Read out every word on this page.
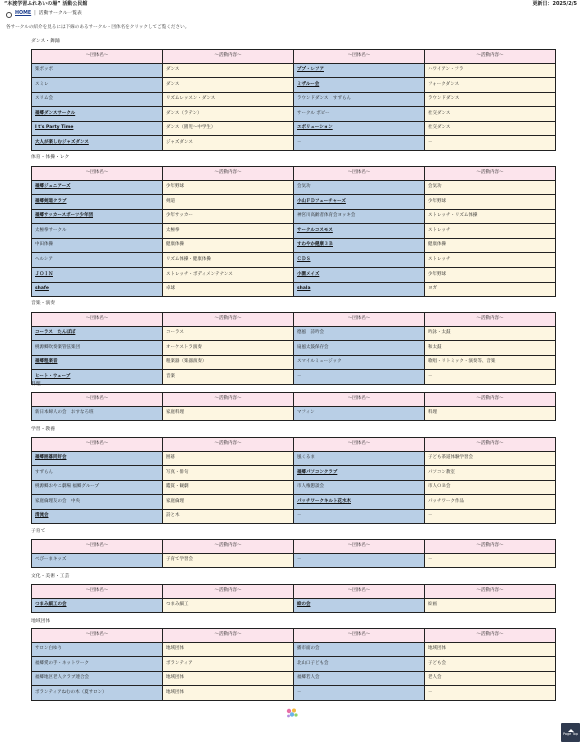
“本渡学習ふれあいの場” 活動公民館	更新日：2025/2/5
HOME | 活動サークル一覧表
各サークルの紹介を見るには下線のあるサークル・団体名をクリックしてご覧ください。
ダンス・舞踊
～団体名～	～活動内容～	～団体名～	～活動内容～
楽ポッポ	ダンス	ププ・レフア	ハワイアン・フラ
スミレ	ダンス	ミザルー会	フォークダンス
スリム会	リズムレッスン・ダンス	ラウンドダンス　すずらん	ラウンドダンス
福郷ダンスサークル	ダンス（ラテン）	サークル ポピー	社交ダンス
I t's Party Time	ダンス（園児～中学生）	エボリューション	社交ダンス
大人が楽しむジャズダンス	ジャズダンス	－	－
体育・体操・レク
～団体名～	～活動内容～	～団体名～	～活動内容～
福郷ジュニアーズ	少年野球	会気功	会気功
福郷剣道クラブ	剣道	小山ＦＤフューチャーズ	少年野球
福郷サッカースポーツ少年団	少年サッカー	神宮川高齢者体育会ヨッキ会	ストレッチ・リズム体操
太極拳サークル	太極拳	サークルコスモス	ストレッチ
中田体操	健康体操	すわやか健康３Ｂ	健康体操
ヘルシア	リズム体操・健康体操	ＣＤＳ	ストレッチ
ＪＯＩＮ	ストレッチ・ボディメンテナンス	小園メイズ	少年野球
shafe	卓球	shala	ヨガ
音楽・演奏
～団体名～	～活動内容～	～団体名～	～活動内容～
コーラス　たんぽぽ	コーラス	德風　詩吟会	吟詠・太鼓
桃源郷吹奏楽管弦楽団	オーケストラ演奏	扇風太鼓保存会	和太鼓
福郷粗楽音	粗楽器（楽器演奏）	スマイルミュージック	歌唱・リトミック・演奏等、音楽
ヒート・ウェーブ	音楽	－	－
料理
～団体名～	～活動内容～	～団体名～	～活動内容～
新日本婦人の会　おすなろ班	家庭料理	マフィン	料理
学習・教養
～団体名～	～活動内容～	～団体名～	～活動内容～
福郷囲碁同好会	囲碁	風くるま	子ども茶道体験学習会
すずらん	写真・俳句	福郷パソコンクラブ	パソコン教室
桃源郷おやこ劇場 福郷グループ	鑑賞・観劇	市人権懇談会	市人ＯＢ会
家庭倫理友の会　中央	家庭倫理	パッチワークキルト花水木	パッチワーク作品
清流会	詩と木	－	－
子育て
～団体名～	～活動内容～	～団体名～	～活動内容～
ぺぴーまキッズ	子育て学習会	－	－
文化・美術・工芸
～団体名～	～活動内容～	～団体名～	～活動内容～
つまみ細工の会	つまみ細工	絵の会	絵画
地域団体
～団体名～	～活動内容～	～団体名～	～活動内容～
サロン白ゆり	地域団体	播市面の会	地域団体
福郷愛の手・ネットワーク	ボランティア	北山口子ども会	子ども会
福郷地区老人クラブ連合会	地域団体	福郷若人会	老人会
ボランティアねむの木（夏サロン）	地域団体	－	－
Page Top
